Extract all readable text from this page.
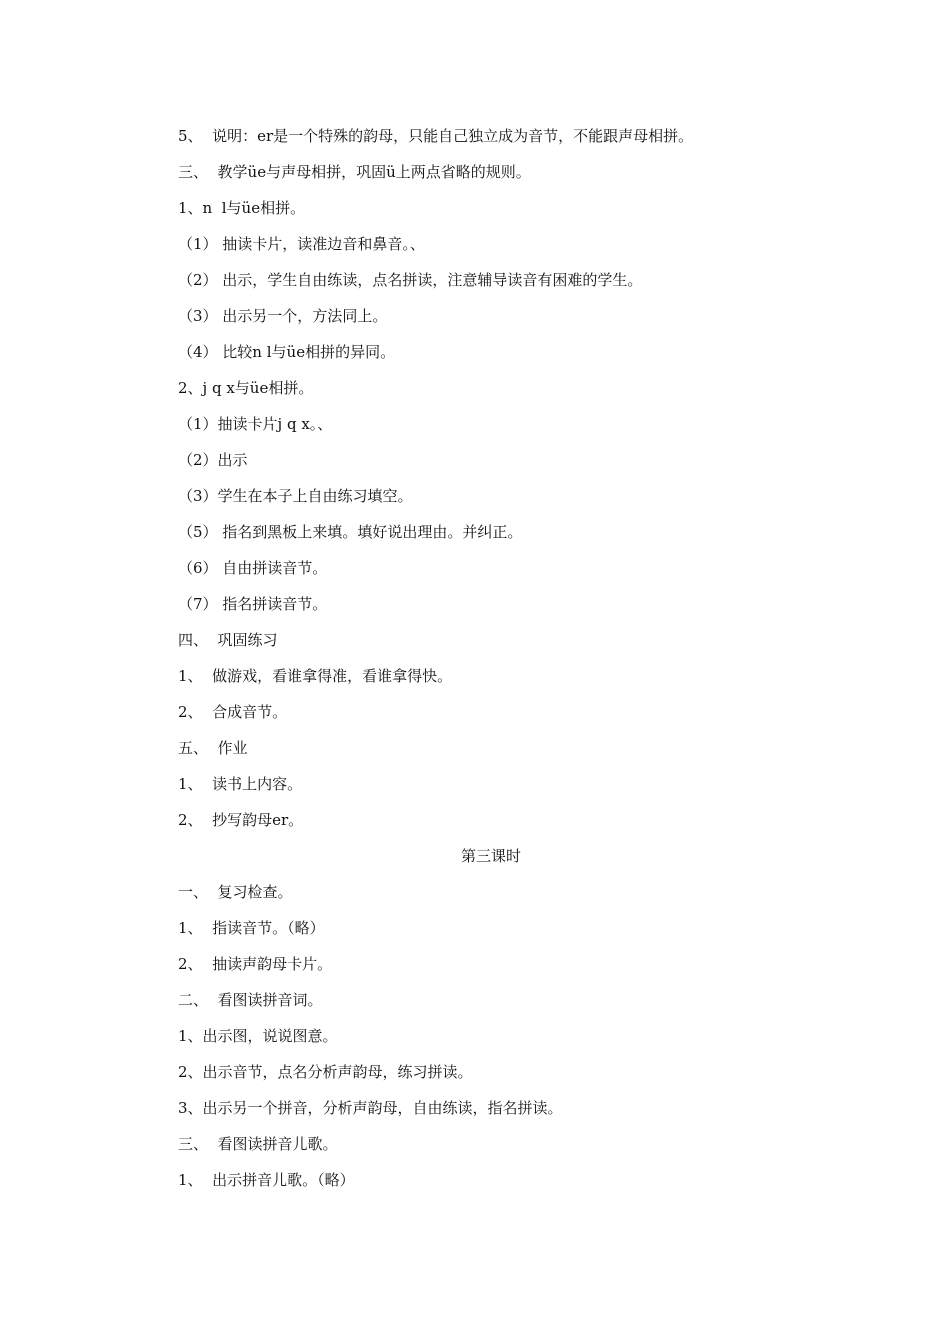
5、  说明：er是一个特殊的韵母，只能自己独立成为音节，不能跟声母相拼。
三、  教学üe与声母相拼，巩固ü上两点省略的规则。
1、n  l与üe相拼。
（1） 抽读卡片，读准边音和鼻音。、
（2） 出示，学生自由练读，点名拼读，注意辅导读音有困难的学生。
（3） 出示另一个，方法同上。
（4） 比较n l与üe相拼的异同。
2、j q x与üe相拼。
（1）抽读卡片j q x。、
（2）出示
（3）学生在本子上自由练习填空。
（5） 指名到黑板上来填。填好说出理由。并纠正。
（6） 自由拼读音节。
（7） 指名拼读音节。
四、  巩固练习
1、  做游戏，看谁拿得准，看谁拿得快。
2、  合成音节。
五、  作业
1、  读书上内容。
2、  抄写韵母er。
第三课时
一、  复习检查。
1、  指读音节。（略）
2、  抽读声韵母卡片。
二、  看图读拼音词。
1、出示图，说说图意。
2、出示音节，点名分析声韵母，练习拼读。
3、出示另一个拼音，分析声韵母，自由练读，指名拼读。
三、  看图读拼音儿歌。
1、  出示拼音儿歌。（略）
